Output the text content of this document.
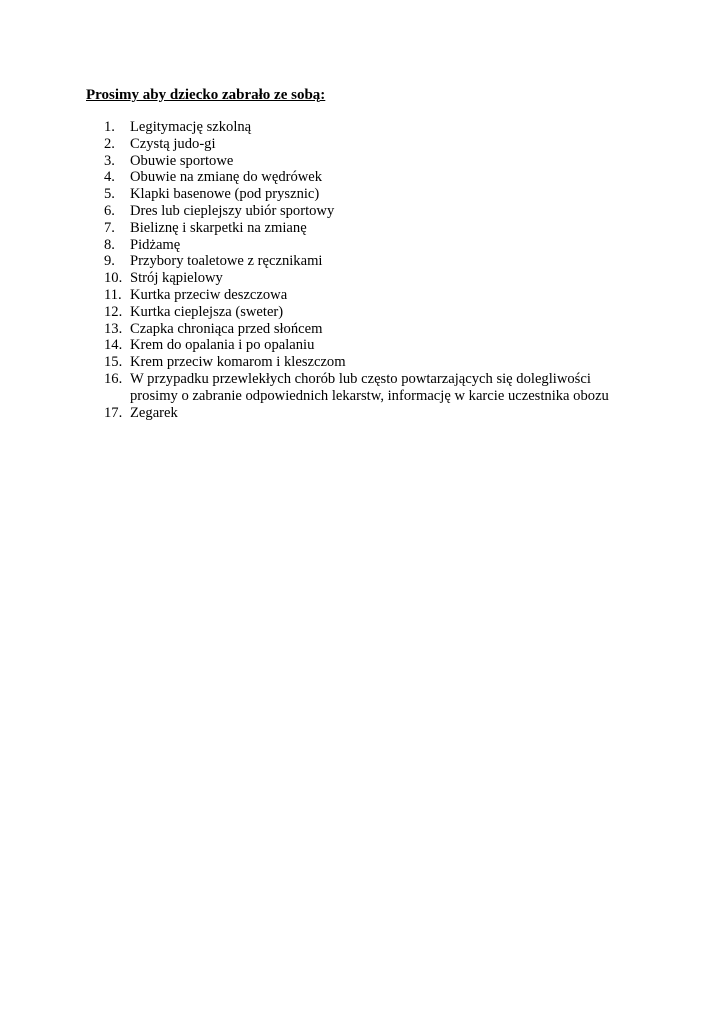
Prosimy aby dziecko zabrało ze sobą:
1. Legitymację szkolną
2. Czystą judo-gi
3. Obuwie sportowe
4. Obuwie na zmianę do wędrówek
5. Klapki basenowe (pod prysznic)
6. Dres lub cieplejszy ubiór sportowy
7. Bieliznę i skarpetki na zmianę
8. Pidżamę
9. Przybory toaletowe z ręcznikami
10. Strój kąpielowy
11. Kurtka przeciw deszczowa
12. Kurtka cieplejsza (sweter)
13. Czapka chroniąca przed słońcem
14. Krem do opalania i po opalaniu
15. Krem przeciw komarom i kleszczom
16. W przypadku przewlekłych chorób lub często powtarzających się dolegliwości
prosimy o zabranie odpowiednich lekarstw, informację w karcie uczestnika obozu
17. Zegarek
